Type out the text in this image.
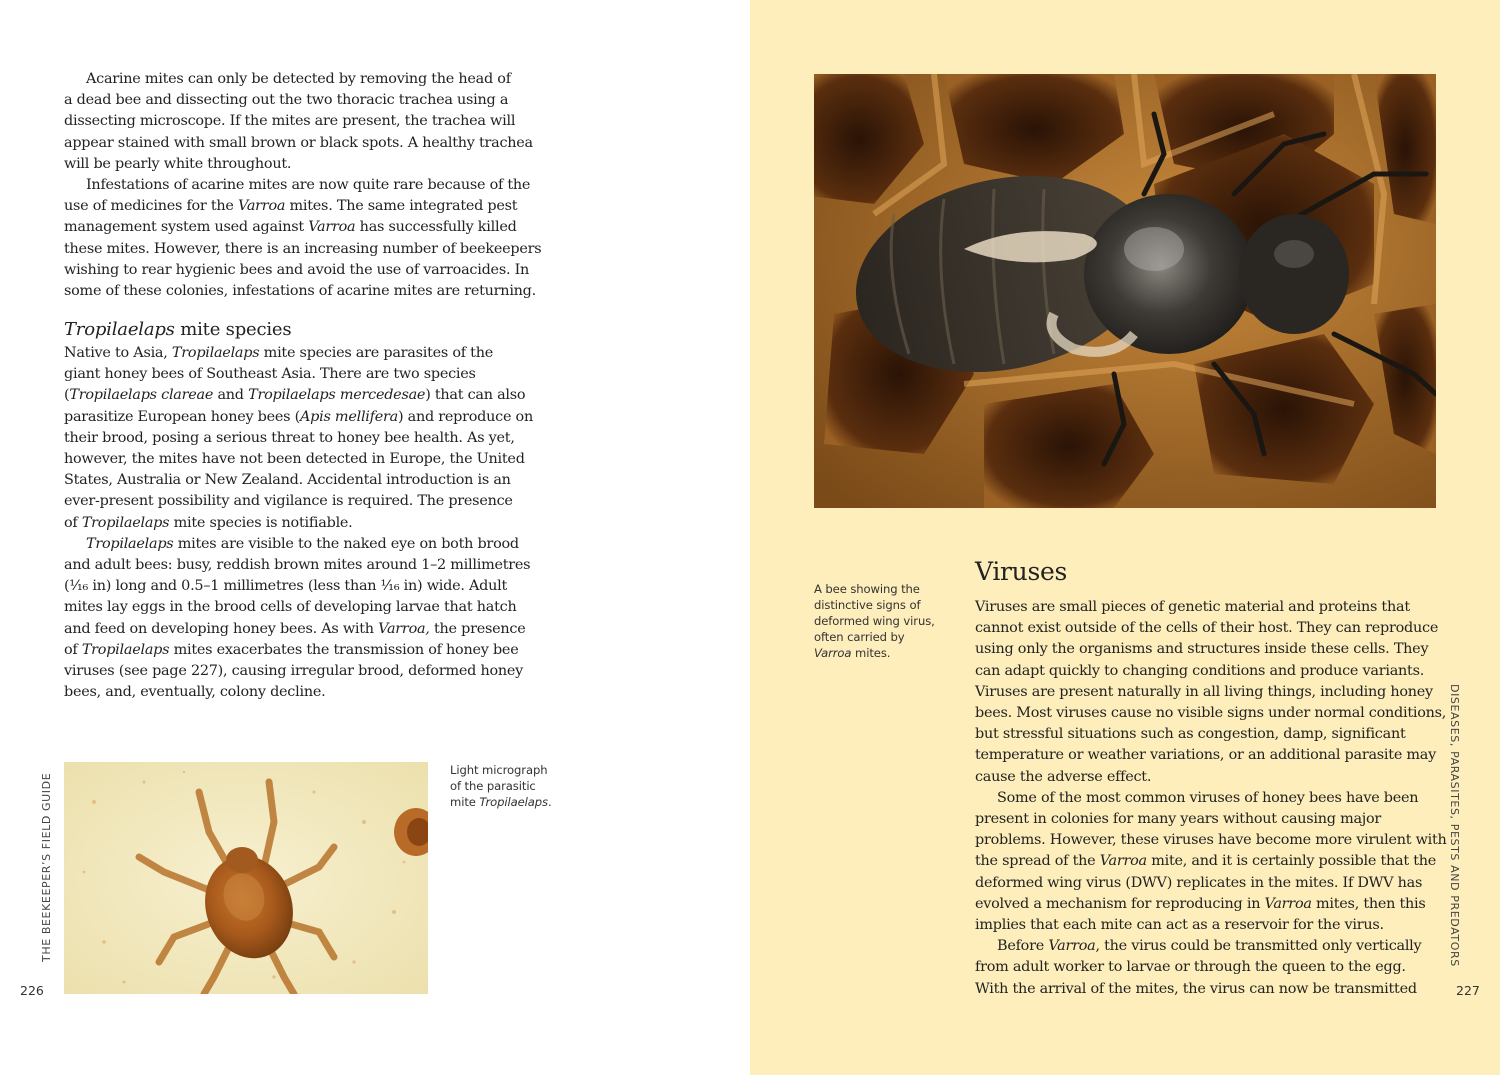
Acarine mites can only be detected by removing the head of
a dead bee and dissecting out the two thoracic trachea using a
dissecting microscope. If the mites are present, the trachea will
appear stained with small brown or black spots. A healthy trachea
will be pearly white throughout.

Infestations of acarine mites are now quite rare because of the
use of medicines for the Varroa mites. The same integrated pest
management system used against Varroa has successfully killed
these mites. However, there is an increasing number of beekeepers
wishing to rear hygienic bees and avoid the use of varroacides. In
some of these colonies, infestations of acarine mites are returning.

Tropilaelaps mite species

Native to Asia, Tropilaelaps mite species are parasites of the
giant honey bees of Southeast Asia. There are two species
(Tropilaelaps clareae and Tropilaelaps mercedesae) that can also
parasitize European honey bees (Apis mellifera) and reproduce on
their brood, posing a serious threat to honey bee health. As yet,
however, the mites have not been detected in Europe, the United
States, Australia or New Zealand. Accidental introduction is an
ever-present possibility and vigilance is required. The presence
of Tropilaelaps mite species is notifiable.

Tropilaelaps mites are visible to the naked eye on both brood
and adult bees: busy, reddish brown mites around 1–2 millimetres
(¹⁄₁₆ in) long and 0.5–1 millimetres (less than ¹⁄₁₆ in) wide. Adult
mites lay eggs in the brood cells of developing larvae that hatch
and feed on developing honey bees. As with Varroa, the presence
of Tropilaelaps mites exacerbates the transmission of honey bee
viruses (see page 227), causing irregular brood, deformed honey
bees, and, eventually, colony decline.

Light micrograph
of the parasitic
mite Tropilaelaps.
THE BEEKEEPER’S FIELD GUIDE
226
A bee showing the
distinctive signs of
deformed wing virus,
often carried by
Varroa mites.
Viruses

Viruses are small pieces of genetic material and proteins that
cannot exist outside of the cells of their host. They can reproduce
using only the organisms and structures inside these cells. They
can adapt quickly to changing conditions and produce variants.
Viruses are present naturally in all living things, including honey
bees. Most viruses cause no visible signs under normal conditions,
but stressful situations such as congestion, damp, significant
temperature or weather variations, or an additional parasite may
cause the adverse effect.

Some of the most common viruses of honey bees have been
present in colonies for many years without causing major
problems. However, these viruses have become more virulent with
the spread of the Varroa mite, and it is certainly possible that the
deformed wing virus (DWV) replicates in the mites. If DWV has
evolved a mechanism for reproducing in Varroa mites, then this
implies that each mite can act as a reservoir for the virus.

Before Varroa, the virus could be transmitted only vertically
from adult worker to larvae or through the queen to the egg.
With the arrival of the mites, the virus can now be transmitted

DISEASES, PARASITES, PESTS AND PREDATORS
227
